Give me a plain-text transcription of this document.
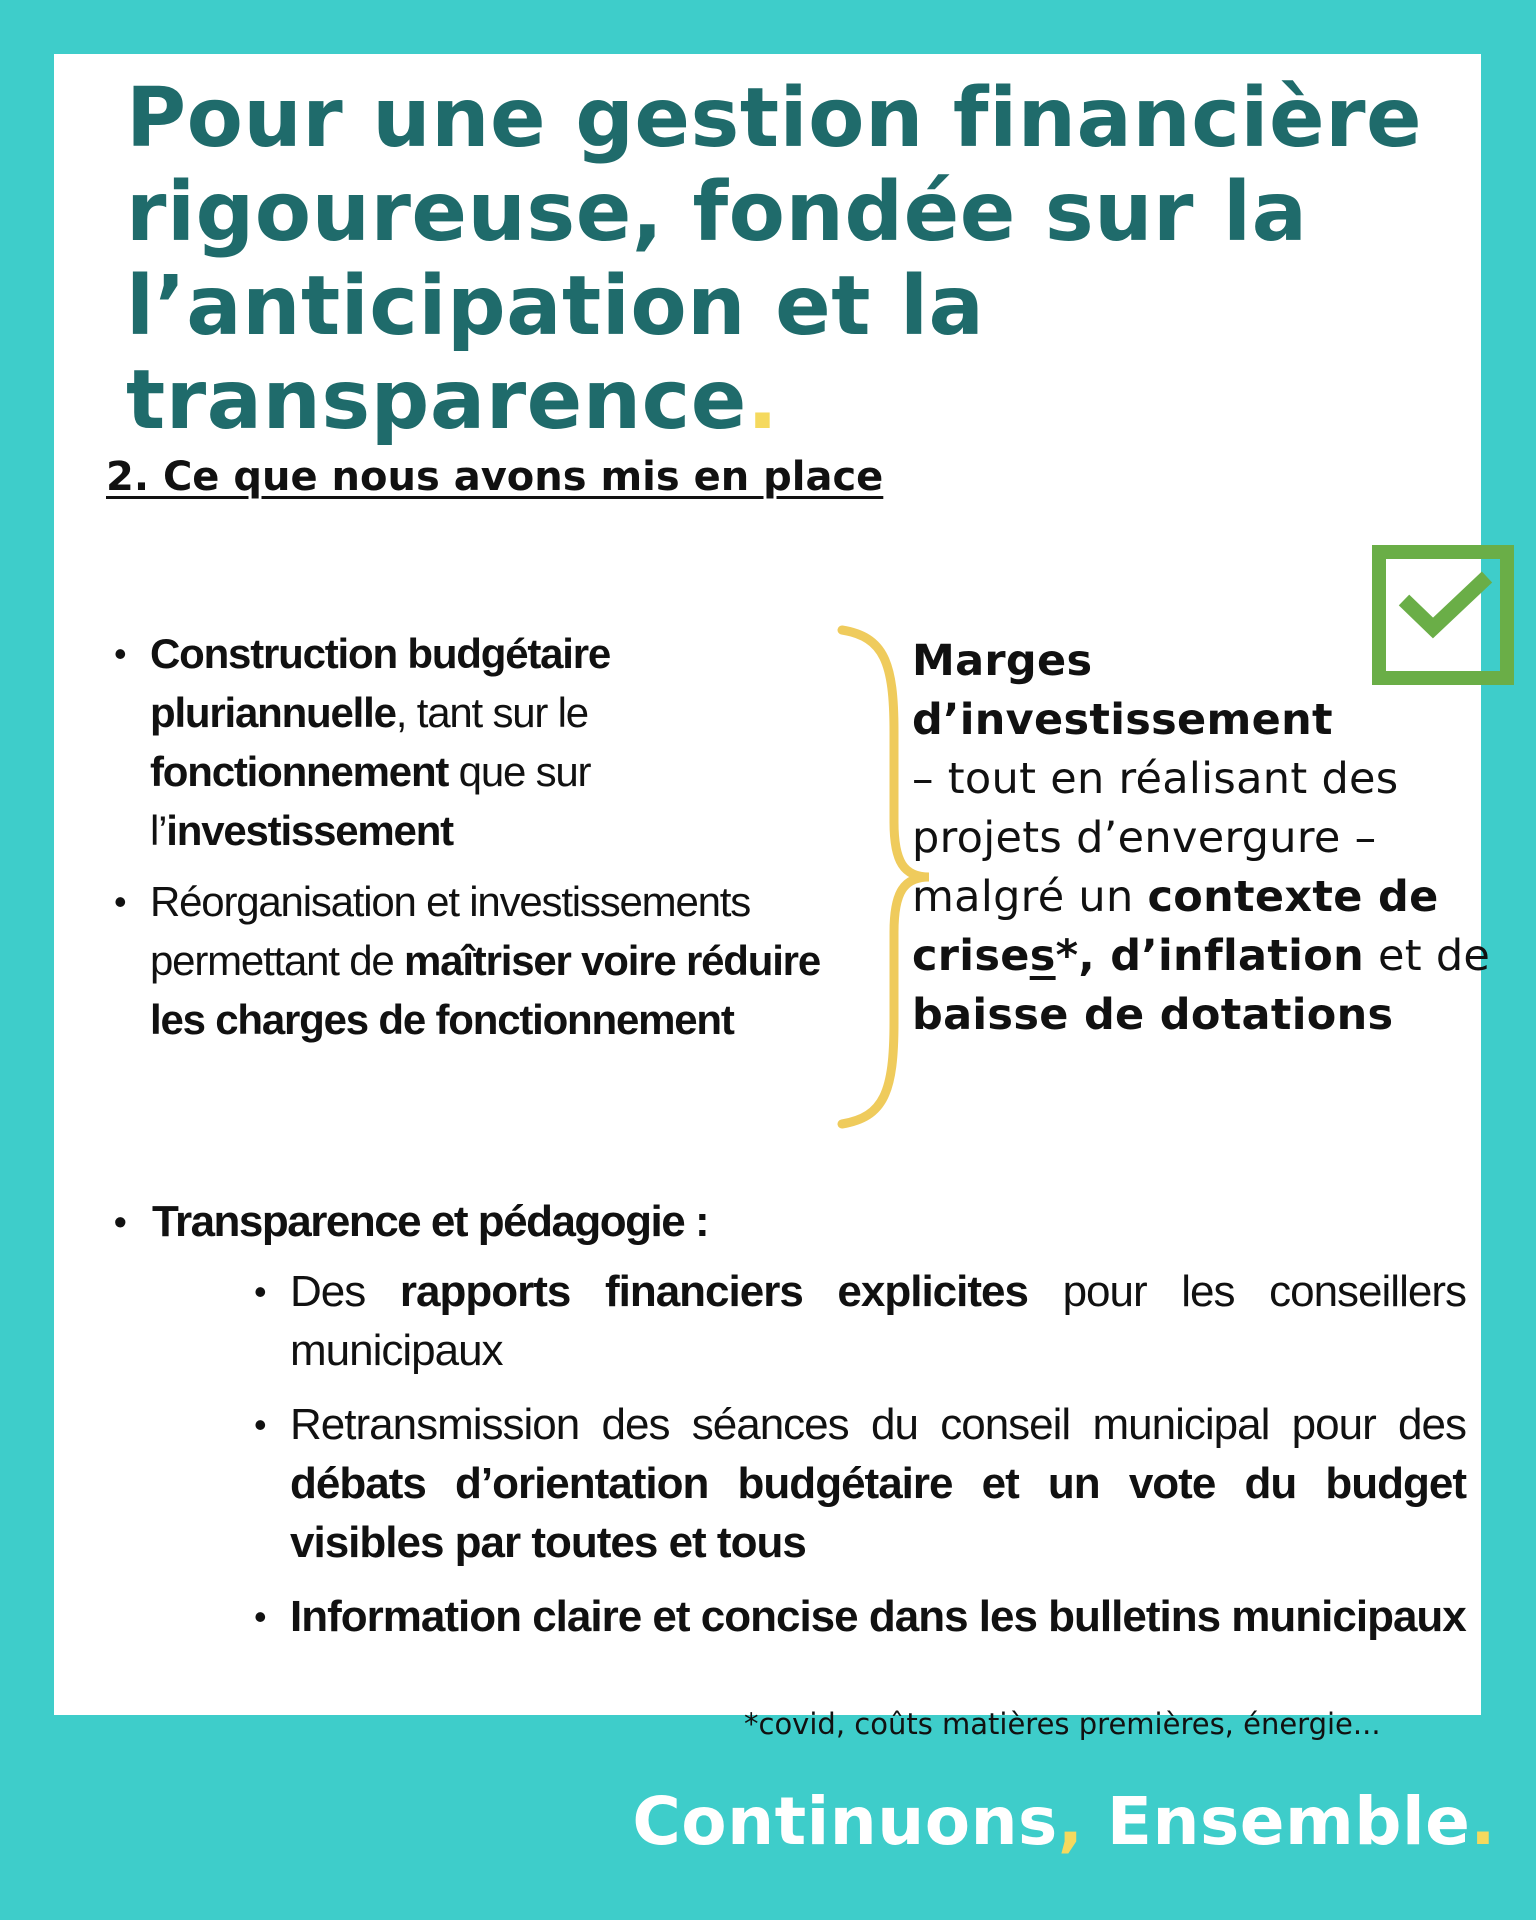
Pour une gestion financière
rigoureuse, fondée sur la
l’anticipation et la
transparence.
2. Ce que nous avons mis en place
• Construction budgétaire pluriannuelle, tant sur le fonctionnement que sur l’investissement
• Réorganisation et investissements permettant de maîtriser voire réduire les charges de fonctionnement
Marges d’investissement
– tout en réalisant des projets d’envergure – malgré un contexte de crises*, d’inflation et de baisse de dotations
• Transparence et pédagogie :
• Des rapports financiers explicites pour les conseillers municipaux
• Retransmission des séances du conseil municipal pour des débats d’orientation budgétaire et un vote du budget visibles par toutes et tous
• Information claire et concise dans les bulletins municipaux
*covid, coûts matières premières, énergie...
Continuons, Ensemble.
